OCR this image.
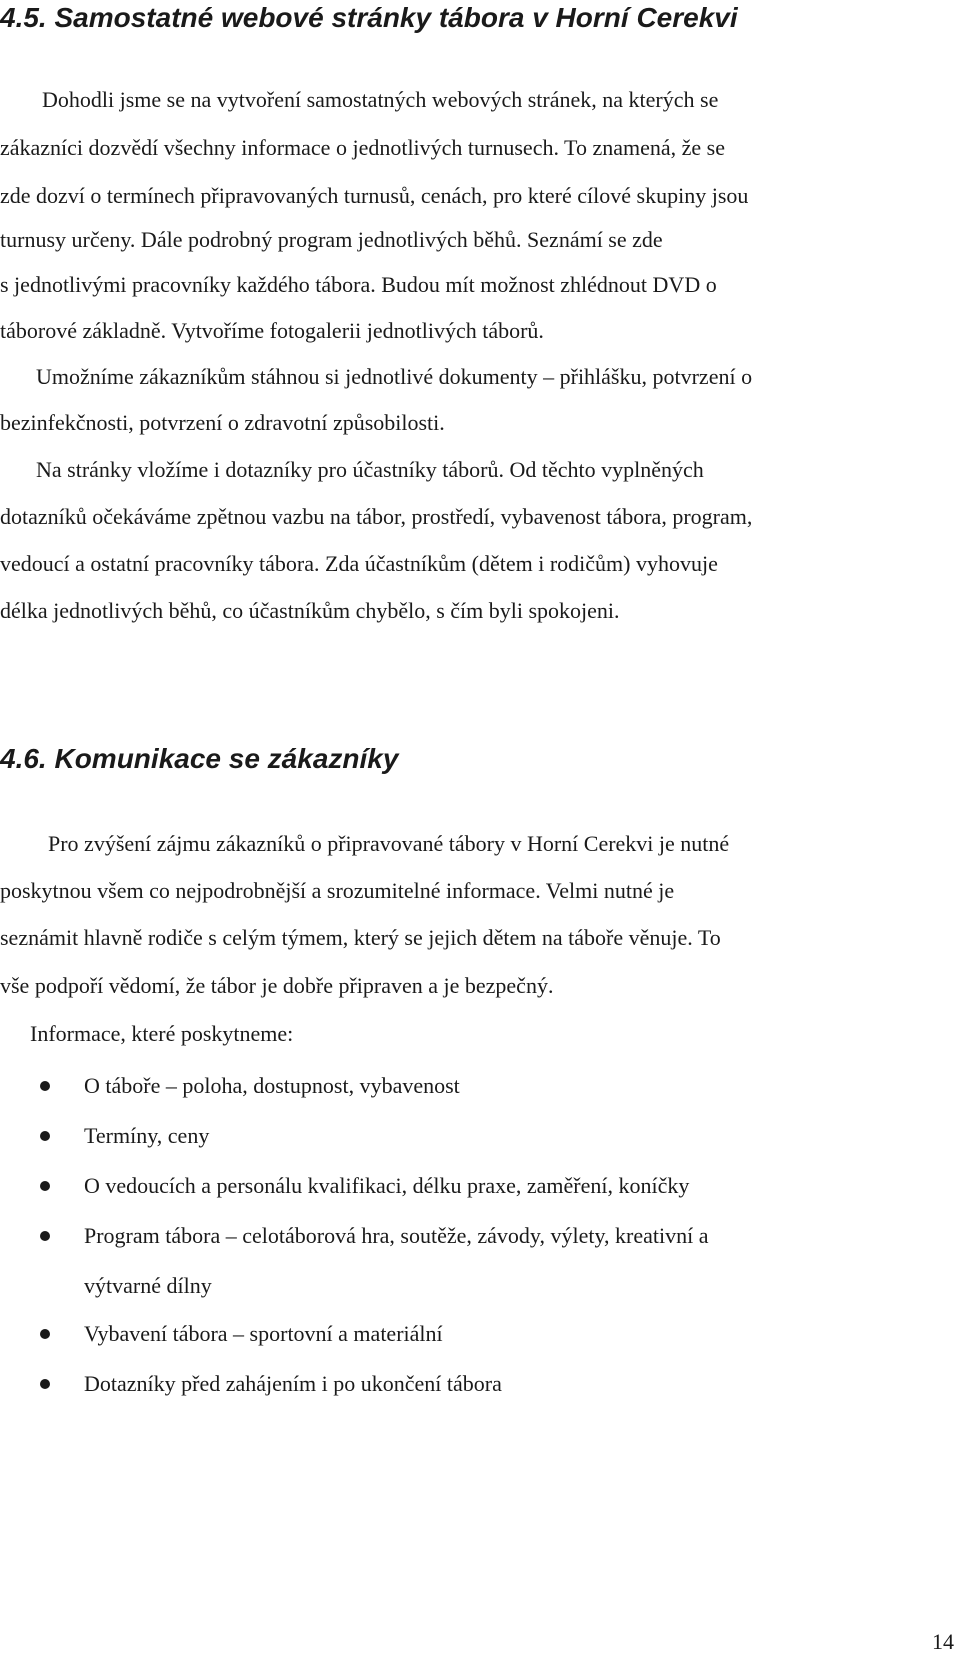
4.5. Samostatné webové stránky tábora v Horní Cerekvi
Dohodli jsme se na vytvoření samostatných webových stránek, na kterých se
zákazníci dozvědí všechny informace o jednotlivých turnusech. To znamená, že se
zde dozví o termínech připravovaných turnusů, cenách, pro které cílové skupiny jsou
turnusy určeny. Dále podrobný program jednotlivých běhů. Seznámí se zde
s jednotlivými pracovníky každého tábora. Budou mít možnost zhlédnout DVD o
táborové základně. Vytvoříme fotogalerii jednotlivých táborů.
Umožníme zákazníkům stáhnou si jednotlivé dokumenty – přihlášku, potvrzení o
bezinfekčnosti, potvrzení o zdravotní způsobilosti.
Na stránky vložíme i dotazníky pro účastníky táborů. Od těchto vyplněných
dotazníků očekáváme zpětnou vazbu na tábor, prostředí, vybavenost tábora, program,
vedoucí a ostatní pracovníky tábora. Zda účastníkům (dětem i rodičům) vyhovuje
délka jednotlivých běhů, co účastníkům chybělo, s čím byli spokojeni.
4.6. Komunikace se zákazníky
Pro zvýšení zájmu zákazníků o připravované tábory v Horní Cerekvi je nutné
poskytnou všem co nejpodrobnější a srozumitelné informace. Velmi nutné je
seznámit hlavně rodiče s celým týmem, který se jejich dětem na táboře věnuje. To
vše podpoří vědomí, že tábor je dobře připraven a je bezpečný.
Informace, které poskytneme:
O táboře – poloha, dostupnost, vybavenost
Termíny, ceny
O vedoucích a personálu kvalifikaci, délku praxe, zaměření, koníčky
Program tábora – celotáborová hra, soutěže, závody, výlety, kreativní a
výtvarné dílny
Vybavení tábora – sportovní a materiální
Dotazníky před zahájením i po ukončení tábora
14
